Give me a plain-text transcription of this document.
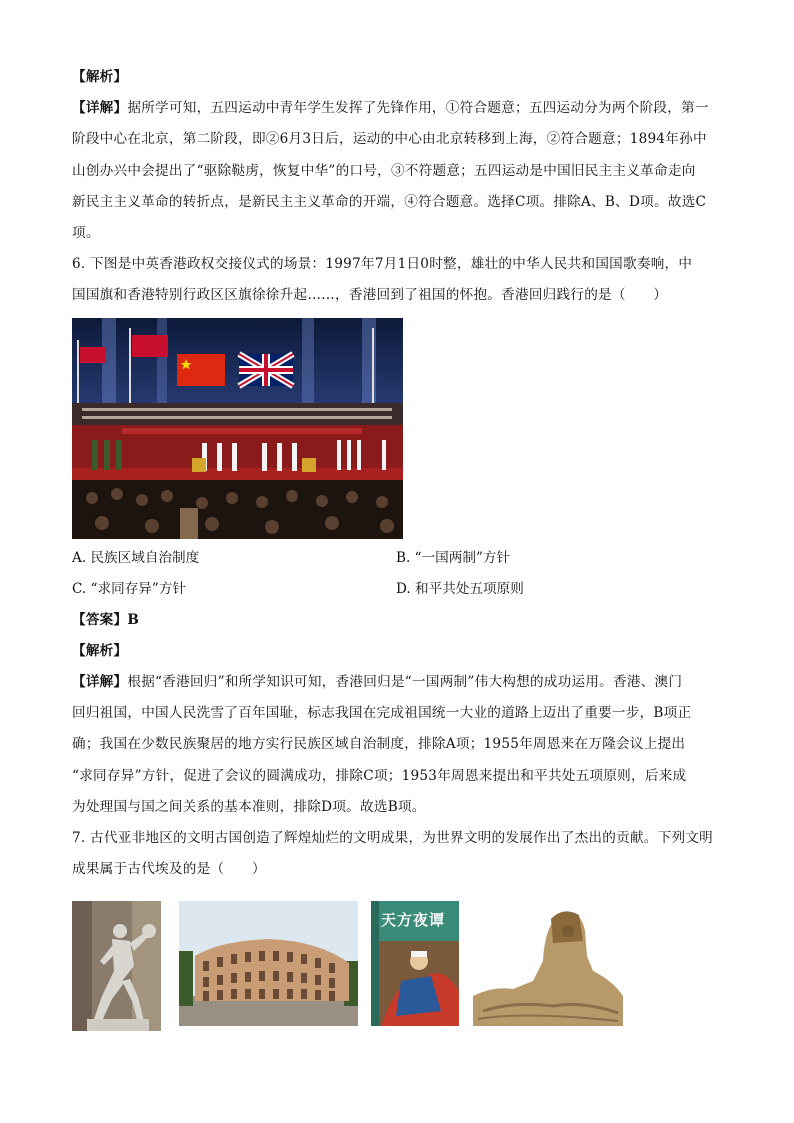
【解析】

【详解】据所学可知，五四运动中青年学生发挥了先锋作用，①符合题意；五四运动分为两个阶段，第一
阶段中心在北京，第二阶段，即②6月3日后，运动的中心由北京转移到上海，②符合题意；1894年孙中
山创办兴中会提出了“驱除鞑虏，恢复中华”的口号，③不符题意；五四运动是中国旧民主主义革命走向
新民主主义革命的转折点，是新民主主义革命的开端，④符合题意。选择C项。排除A、B、D项。故选C
项。

6. 下图是中英香港政权交接仪式的场景：1997年7月1日0时整，雄壮的中华人民共和国国歌奏响，中
国国旗和香港特别行政区区旗徐徐升起……，香港回到了祖国的怀抱。香港回归践行的是（　　）

A. 民族区域自治制度	B. “一国两制”方针
C. “求同存异”方针	D. 和平共处五项原则

【答案】B

【解析】

【详解】根据“香港回归”和所学知识可知，香港回归是“一国两制”伟大构想的成功运用。香港、澳门
回归祖国，中国人民洗雪了百年国耻，标志我国在完成祖国统一大业的道路上迈出了重要一步，B项正
确；我国在少数民族聚居的地方实行民族区域自治制度，排除A项；1955年周恩来在万隆会议上提出
“求同存异”方针，促进了会议的圆满成功，排除C项；1953年周恩来提出和平共处五项原则，后来成
为处理国与国之间关系的基本准则，排除D项。故选B项。

7. 古代亚非地区的文明古国创造了辉煌灿烂的文明成果，为世界文明的发展作出了杰出的贡献。下列文明
成果属于古代埃及的是（　　）

天方夜谭
